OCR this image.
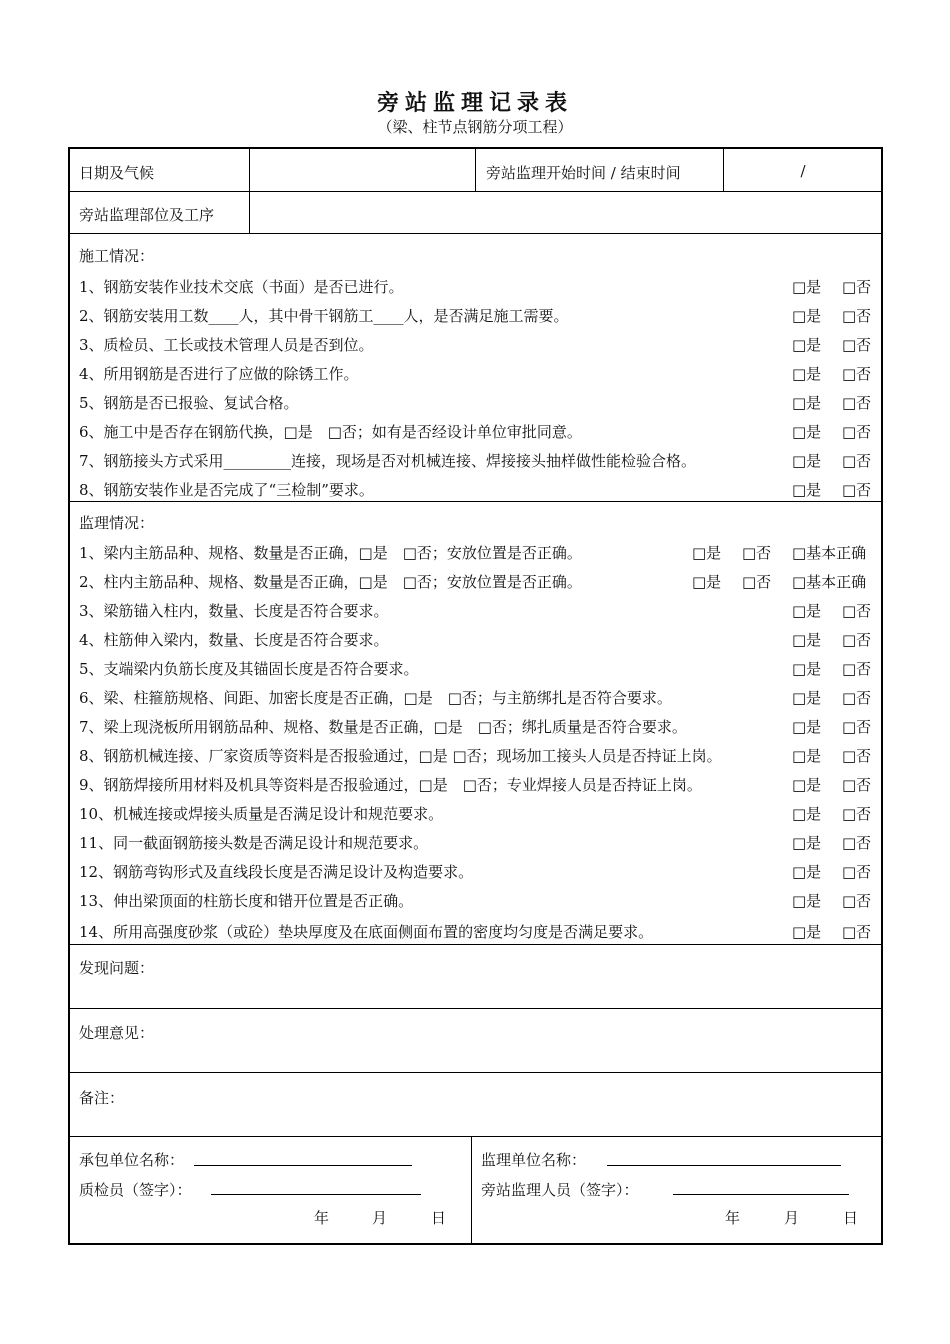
旁站监理记录表
（梁、柱节点钢筋分项工程）
日期及气候	旁站监理开始时间 / 结束时间	/
旁站监理部位及工序
施工情况：
1、钢筋安装作业技术交底（书面）是否已进行。	□是 □否
2、钢筋安装用工数____人，其中骨干钢筋工____人，是否满足施工需要。	□是 □否
3、质检员、工长或技术管理人员是否到位。	□是 □否
4、所用钢筋是否进行了应做的除锈工作。	□是 □否
5、钢筋是否已报验、复试合格。	□是 □否
6、施工中是否存在钢筋代换，□是　□否；如有是否经设计单位审批同意。	□是 □否
7、钢筋接头方式采用_________连接，现场是否对机械连接、焊接接头抽样做性能检验合格。	□是 □否
8、钢筋安装作业是否完成了“三检制”要求。	□是 □否
监理情况：
1、梁内主筋品种、规格、数量是否正确，□是　□否；安放位置是否正确。	□是 □否 □基本正确
2、柱内主筋品种、规格、数量是否正确，□是　□否；安放位置是否正确。	□是 □否 □基本正确
3、梁筋锚入柱内，数量、长度是否符合要求。	□是 □否
4、柱筋伸入梁内，数量、长度是否符合要求。	□是 □否
5、支端梁内负筋长度及其锚固长度是否符合要求。	□是 □否
6、梁、柱箍筋规格、间距、加密长度是否正确，□是　□否；与主筋绑扎是否符合要求。	□是 □否
7、梁上现浇板所用钢筋品种、规格、数量是否正确，□是　□否；绑扎质量是否符合要求。	□是 □否
8、钢筋机械连接、厂家资质等资料是否报验通过，□是 □否；现场加工接头人员是否持证上岗。	□是 □否
9、钢筋焊接所用材料及机具等资料是否报验通过，□是　□否；专业焊接人员是否持证上岗。	□是 □否
10、机械连接或焊接头质量是否满足设计和规范要求。	□是 □否
11、同一截面钢筋接头数是否满足设计和规范要求。	□是 □否
12、钢筋弯钩形式及直线段长度是否满足设计及构造要求。	□是 □否
13、伸出梁顶面的柱筋长度和错开位置是否正确。	□是 □否
14、所用高强度砂浆（或砼）垫块厚度及在底面侧面布置的密度均匀度是否满足要求。	□是 □否
发现问题：
处理意见：
备注：
承包单位名称：
质检员（签字）：
年	月	日
监理单位名称：
旁站监理人员（签字）：
年	月	日
